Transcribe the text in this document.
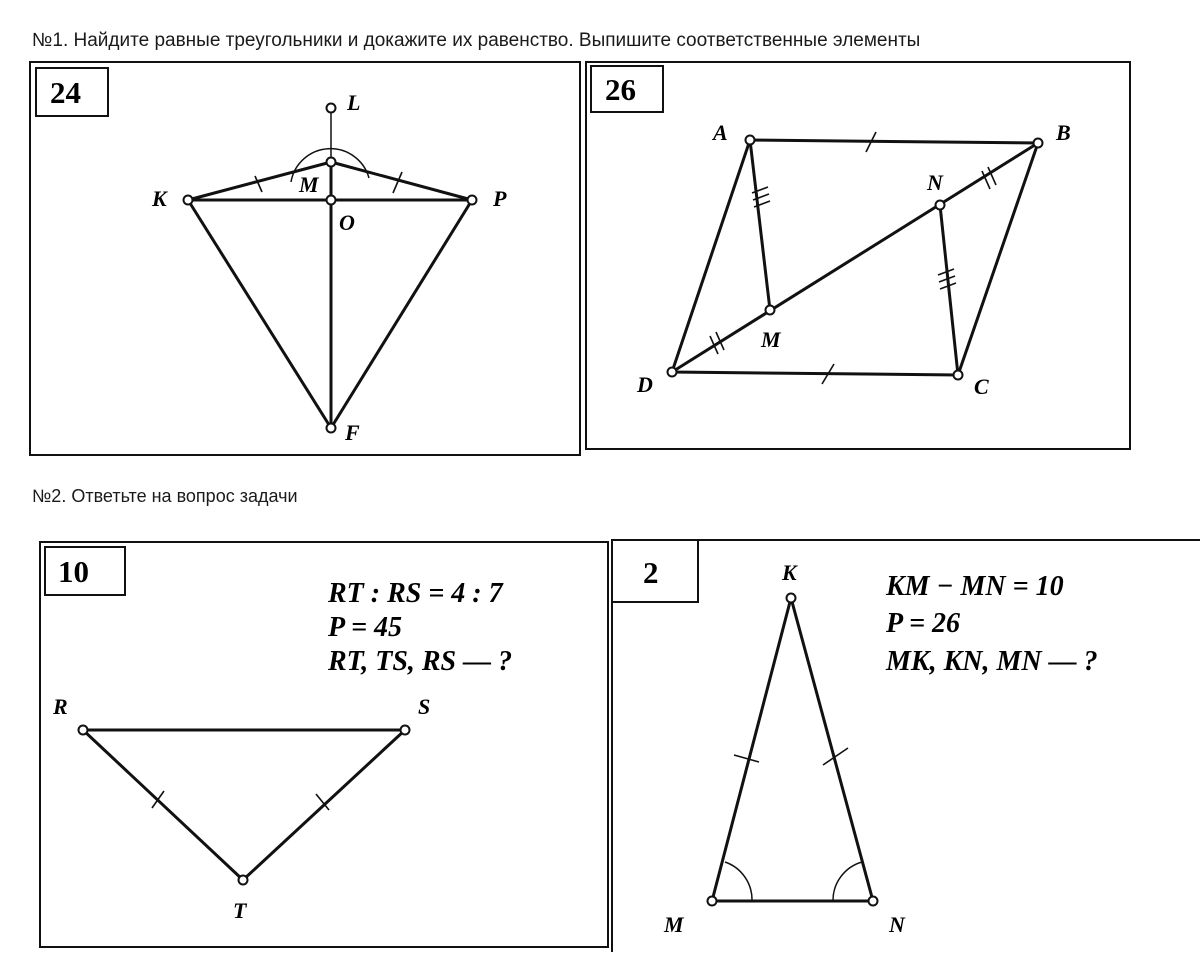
№1. Найдите равные треугольники и докажите их равенство. Выпишите соответственные элементы
№2. Ответьте на вопрос задачи
24	L
M
K	P
O
F
26
A	B
N
M
D	C
10
RT : RS = 4 : 7
P = 45
RT, TS, RS — ?
R	S
T
2	KM − MN = 10
P = 26
MK, KN, MN — ?
K
M	N
